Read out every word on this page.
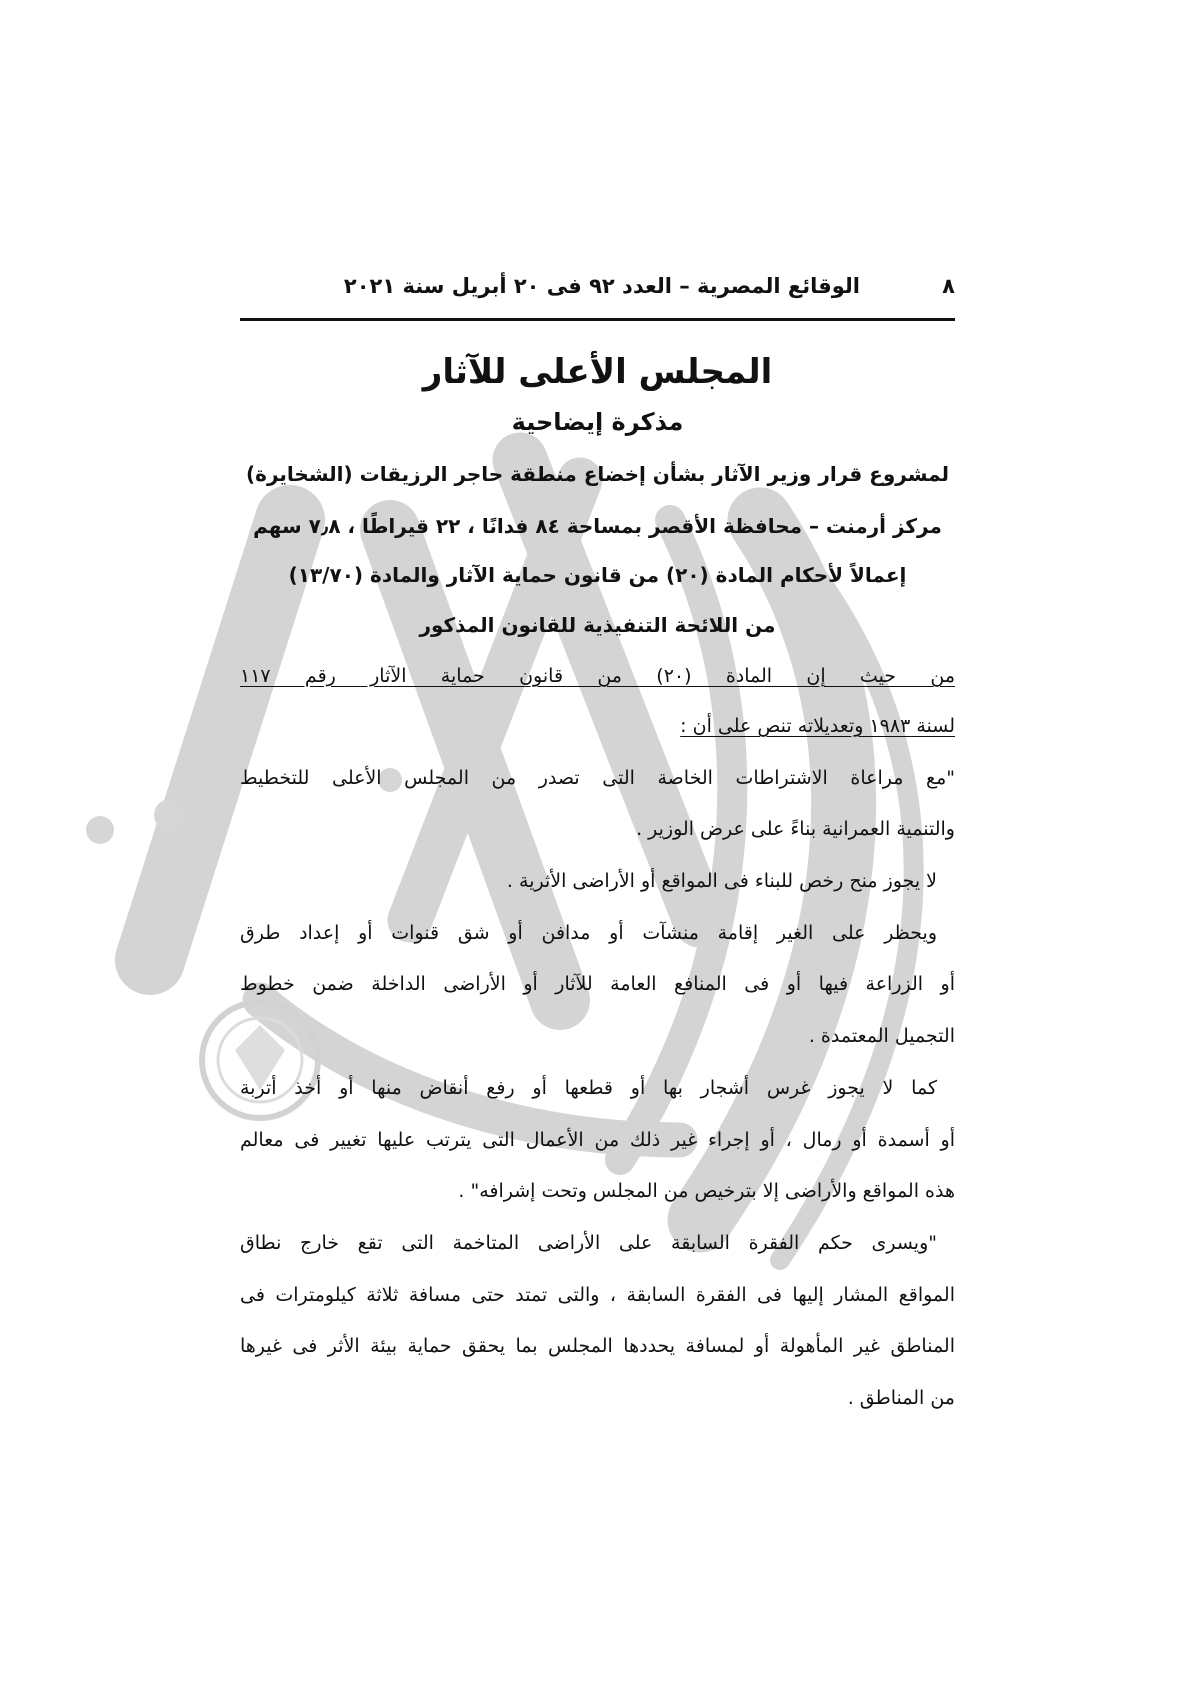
٨
الوقائع المصرية – العدد ٩٢ فى ٢٠ أبريل سنة ٢٠٢١
المجلس الأعلى للآثار
مذكرة إيضاحية
لمشروع قرار وزير الآثار بشأن إخضاع منطقة حاجر الرزيقات (الشخايرة)
مركز أرمنت – محافظة الأقصر بمساحة ٨٤ فدانًا ، ٢٢ قيراطًا ، ٧٫٨ سهم
إعمالاً لأحكام المادة (٢٠) من قانون حماية الآثار والمادة (١٣/٧٠)
من اللائحة التنفيذية للقانون المذكور
من حيث إن المادة (٢٠) من قانون حماية الآثار رقم ١١٧
لسنة ١٩٨٣ وتعديلاته تنص على أن :
"مع مراعاة الاشتراطات الخاصة التى تصدر من المجلس الأعلى للتخطيط
والتنمية العمرانية بناءً على عرض الوزير .
لا يجوز منح رخص للبناء فى المواقع أو الأراضى الأثرية .
ويحظر على الغير إقامة منشآت أو مدافن أو شق قنوات أو إعداد طرق
أو الزراعة فيها أو فى المنافع العامة للآثار أو الأراضى الداخلة ضمن خطوط
التجميل المعتمدة .
كما لا يجوز غرس أشجار بها أو قطعها أو رفع أنقاض منها أو أخذ أتربة
أو أسمدة أو رمال ، أو إجراء غير ذلك من الأعمال التى يترتب عليها تغيير فى معالم
هذه المواقع والأراضى إلا بترخيص من المجلس وتحت إشرافه" .
"ويسرى حكم الفقرة السابقة على الأراضى المتاخمة التى تقع خارج نطاق
المواقع المشار إليها فى الفقرة السابقة ، والتى تمتد حتى مسافة ثلاثة كيلومترات فى
المناطق غير المأهولة أو لمسافة يحددها المجلس بما يحقق حماية بيئة الأثر فى غيرها
من المناطق .
